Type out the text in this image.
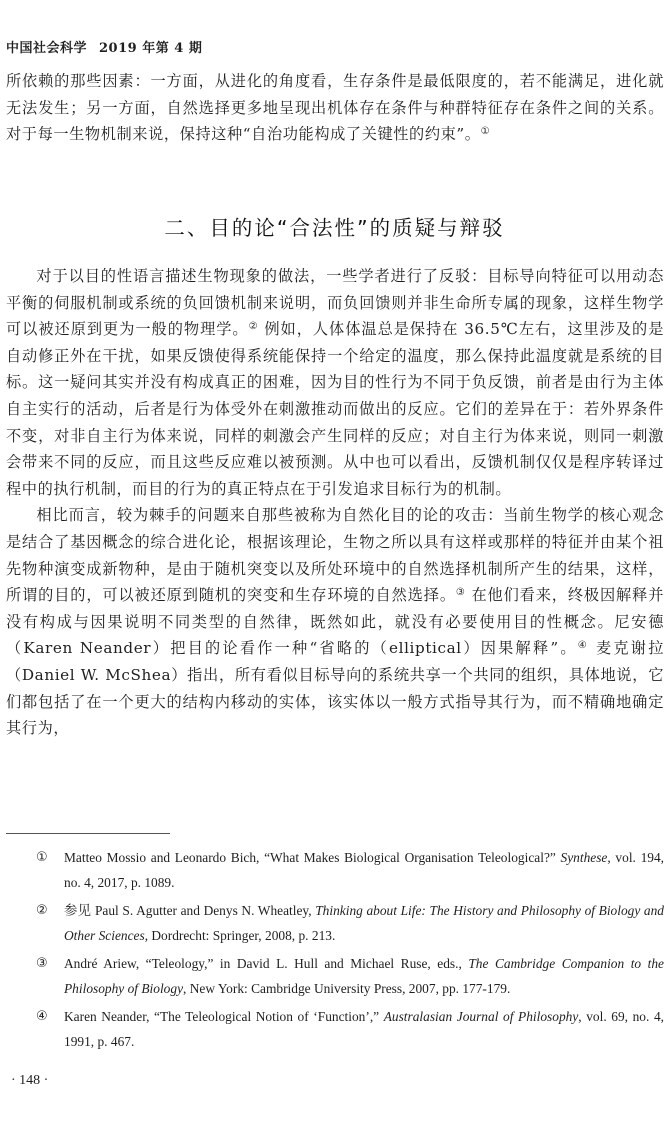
中国社会科学 2019 年第 4 期

所依赖的那些因素：一方面，从进化的角度看，生存条件是最低限度的，若不能满足，进化就无法发生；另一方面，自然选择更多地呈现出机体存在条件与种群特征存在条件之间的关系。对于每一生物机制来说，保持这种“自治功能构成了关键性的约束”。①

二、目的论“合法性”的质疑与辩驳

对于以目的性语言描述生物现象的做法，一些学者进行了反驳：目标导向特征可以用动态平衡的伺服机制或系统的负回馈机制来说明，而负回馈则并非生命所专属的现象，这样生物学可以被还原到更为一般的物理学。② 例如，人体体温总是保持在 36.5℃左右，这里涉及的是自动修正外在干扰，如果反馈使得系统能保持一个给定的温度，那么保持此温度就是系统的目标。这一疑问其实并没有构成真正的困难，因为目的性行为不同于负反馈，前者是由行为主体自主实行的活动，后者是行为体受外在刺激推动而做出的反应。它们的差异在于：若外界条件不变，对非自主行为体来说，同样的刺激会产生同样的反应；对自主行为体来说，则同一刺激会带来不同的反应，而且这些反应难以被预测。从中也可以看出，反馈机制仅仅是程序转译过程中的执行机制，而目的行为的真正特点在于引发追求目标行为的机制。

相比而言，较为棘手的问题来自那些被称为自然化目的论的攻击：当前生物学的核心观念是结合了基因概念的综合进化论，根据该理论，生物之所以具有这样或那样的特征并由某个祖先物种演变成新物种，是由于随机突变以及所处环境中的自然选择机制所产生的结果，这样，所谓的目的，可以被还原到随机的突变和生存环境的自然选择。③ 在他们看来，终极因解释并没有构成与因果说明不同类型的自然律，既然如此，就没有必要使用目的性概念。尼安德（Karen Neander）把目的论看作一种“省略的（elliptical）因果解释”。④ 麦克谢拉（Daniel W. McShea）指出，所有看似目标导向的系统共享一个共同的组织，具体地说，它们都包括了在一个更大的结构内移动的实体，该实体以一般方式指导其行为，而不精确地确定其行为，

① Matteo Mossio and Leonardo Bich, “What Makes Biological Organisation Teleological?” Synthese, vol. 194, no. 4, 2017, p. 1089.
② 参见 Paul S. Agutter and Denys N. Wheatley, Thinking about Life: The History and Philosophy of Biology and Other Sciences, Dordrecht: Springer, 2008, p. 213.
③ André Ariew, “Teleology,” in David L. Hull and Michael Ruse, eds., The Cambridge Companion to the Philosophy of Biology, New York: Cambridge University Press, 2007, pp. 177-179.
④ Karen Neander, “The Teleological Notion of ‘Function’,” Australasian Journal of Philosophy, vol. 69, no. 4, 1991, p. 467.
· 148 ·
